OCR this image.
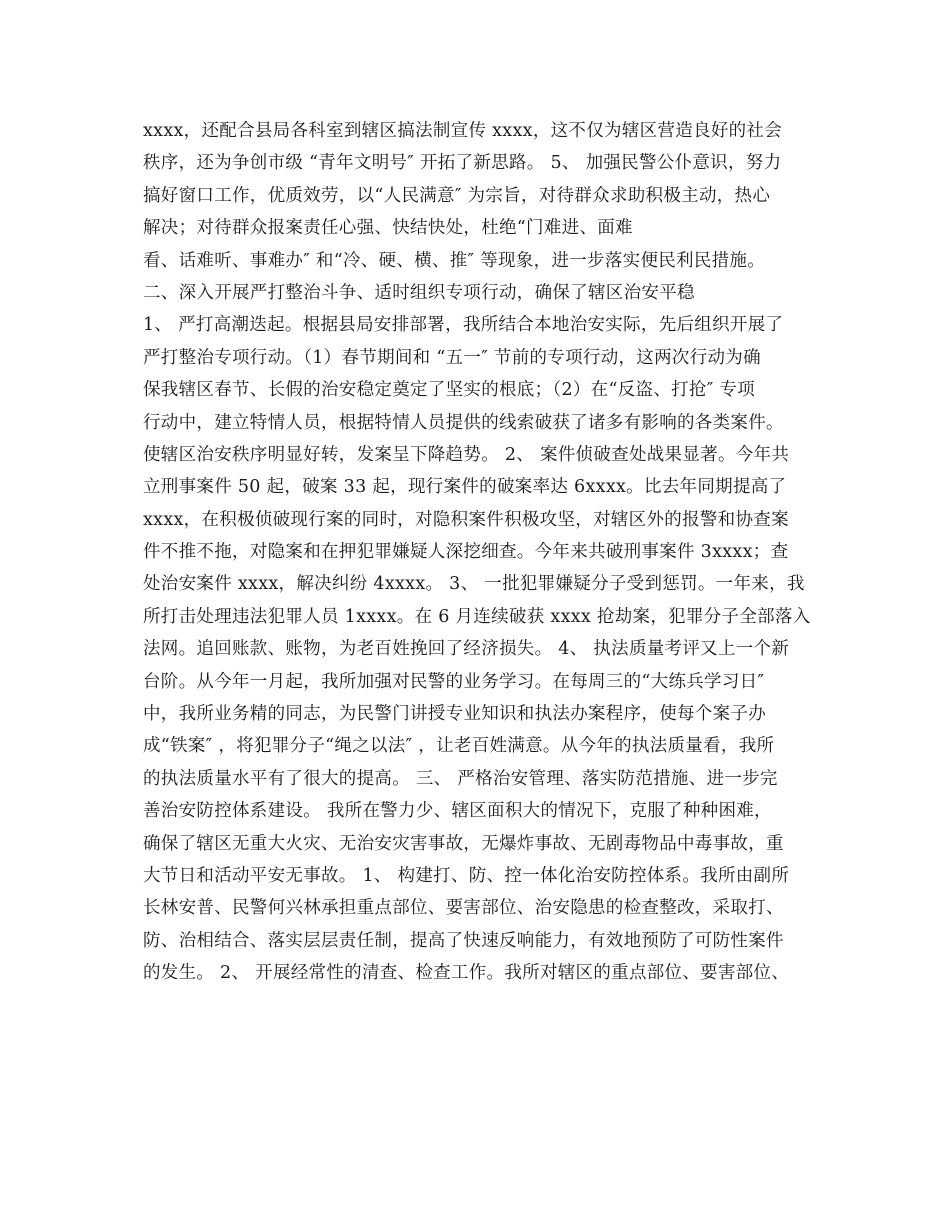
xxxx，还配合县局各科室到辖区搞法制宣传 xxxx，这不仅为辖区营造良好的社会
秩序，还为争创市级 “青年文明号″ 开拓了新思路。 5、 加强民警公仆意识，努力
搞好窗口工作，优质效劳，以“人民满意″ 为宗旨，对待群众求助积极主动，热心
解决；对待群众报案责任心强、快结快处，杜绝“门难进、面难
看、话难听、事难办″ 和“冷、硬、横、推″ 等现象，进一步落实便民利民措施。
二、深入开展严打整治斗争、适时组织专项行动，确保了辖区治安平稳
1、 严打高潮迭起。根据县局安排部署，我所结合本地治安实际，先后组织开展了
严打整治专项行动。（1）春节期间和 “五一″ 节前的专项行动，这两次行动为确
保我辖区春节、长假的治安稳定奠定了坚实的根底；（2）在“反盗、打抢″ 专项
行动中，建立特情人员，根据特情人员提供的线索破获了诸多有影响的各类案件。
使辖区治安秩序明显好转，发案呈下降趋势。 2、 案件侦破查处战果显著。今年共
立刑事案件 50 起，破案 33 起，现行案件的破案率达 6xxxx。比去年同期提高了
xxxx，在积极侦破现行案的同时，对隐积案件积极攻坚，对辖区外的报警和协查案
件不推不拖，对隐案和在押犯罪嫌疑人深挖细查。今年来共破刑事案件 3xxxx；查
处治安案件 xxxx，解决纠纷 4xxxx。 3、 一批犯罪嫌疑分子受到惩罚。一年来，我
所打击处理违法犯罪人员 1xxxx。在 6 月连续破获 xxxx 抢劫案，犯罪分子全部落入
法网。追回账款、账物，为老百姓挽回了经济损失。 4、 执法质量考评又上一个新
台阶。从今年一月起，我所加强对民警的业务学习。在每周三的“大练兵学习日″
中，我所业务精的同志，为民警门讲授专业知识和执法办案程序，使每个案子办
成“铁案″ ，将犯罪分子“绳之以法″ ，让老百姓满意。从今年的执法质量看，我所
的执法质量水平有了很大的提高。 三、 严格治安管理、落实防范措施、进一步完
善治安防控体系建设。 我所在警力少、辖区面积大的情况下，克服了种种困难，
确保了辖区无重大火灾、无治安灾害事故，无爆炸事故、无剧毒物品中毒事故，重
大节日和活动平安无事故。 1、 构建打、防、控一体化治安防控体系。我所由副所
长林安普、民警何兴林承担重点部位、要害部位、治安隐患的检查整改，采取打、
防、治相结合、落实层层责任制，提高了快速反响能力，有效地预防了可防性案件
的发生。 2、 开展经常性的清查、检查工作。我所对辖区的重点部位、要害部位、
